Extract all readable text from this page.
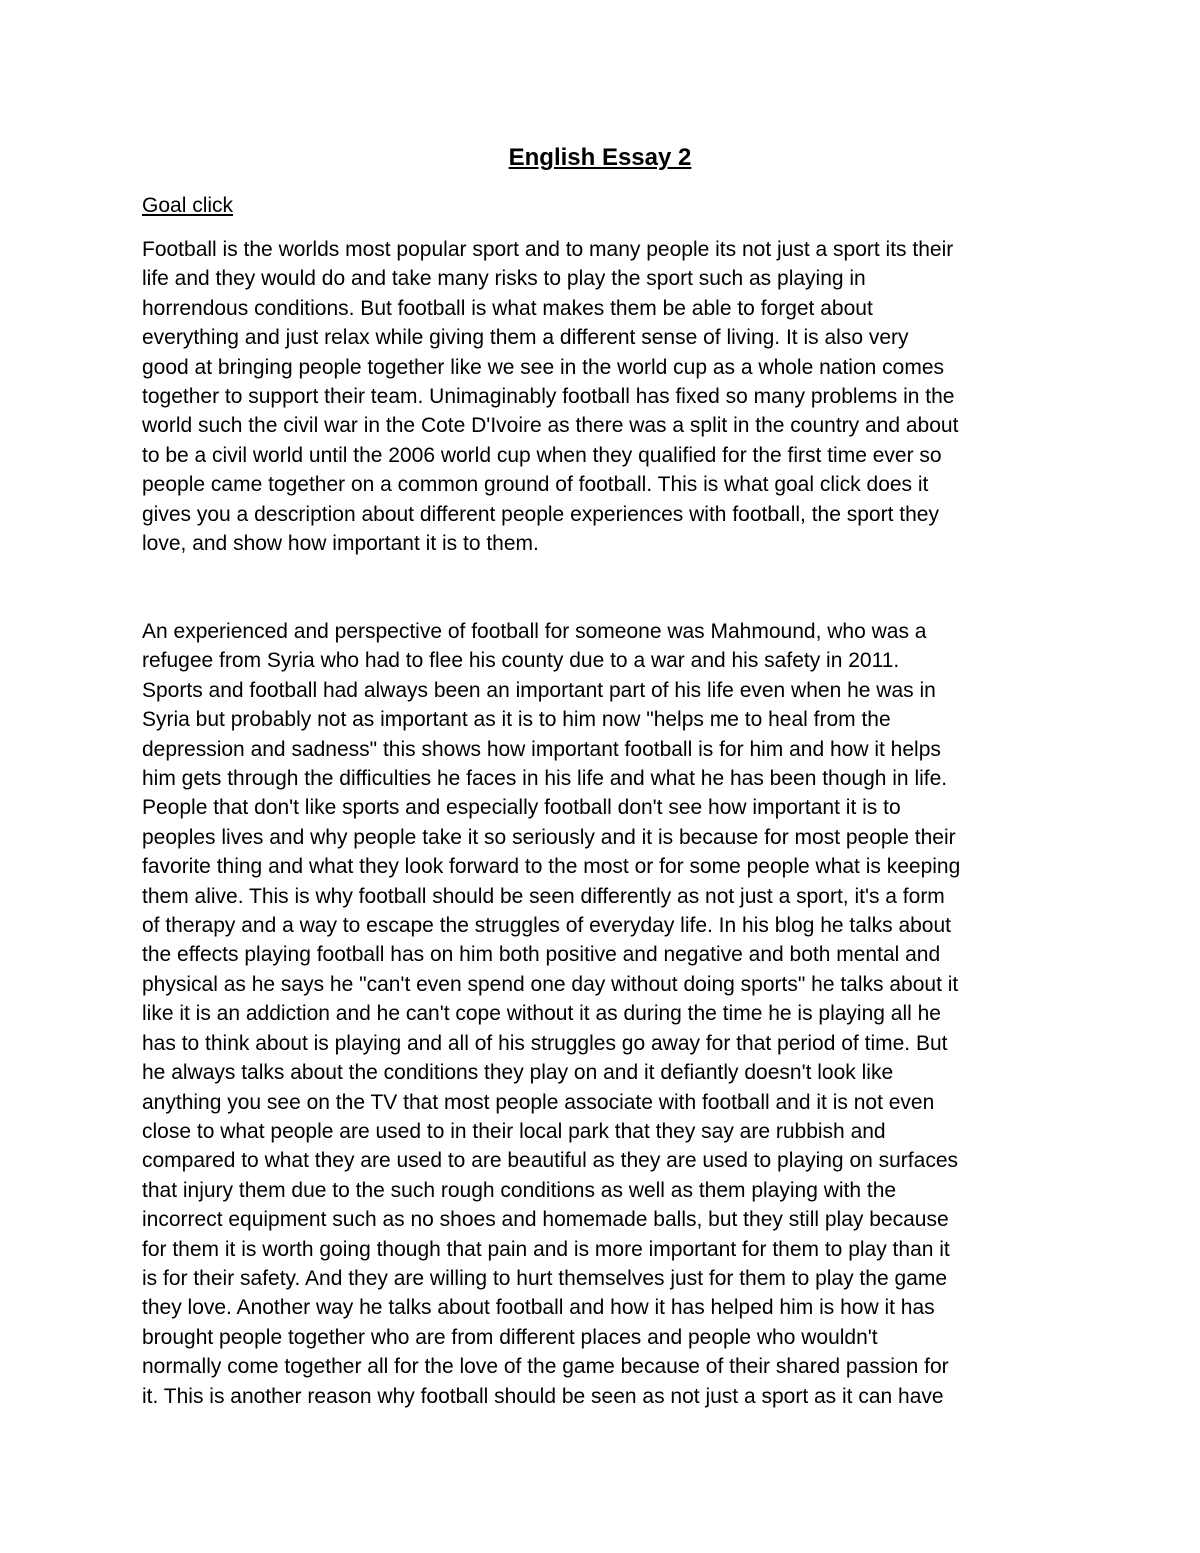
English Essay 2
Goal click
Football is the worlds most popular sport and to many people its not just a sport its their
life and they would do and take many risks to play the sport such as playing in
horrendous conditions. But football is what makes them be able to forget about
everything and just relax while giving them a different sense of living. It is also very
good at bringing people together like we see in the world cup as a whole nation comes
together to support their team. Unimaginably football has fixed so many problems in the
world such the civil war in the Cote D'Ivoire as there was a split in the country and about
to be a civil world until the 2006 world cup when they qualified for the first time ever so
people came together on a common ground of football. This is what goal click does it
gives you a description about different people experiences with football, the sport they
love, and show how important it is to them.
An experienced and perspective of football for someone was Mahmound, who was a
refugee from Syria who had to flee his county due to a war and his safety in 2011.
Sports and football had always been an important part of his life even when he was in
Syria but probably not as important as it is to him now "helps me to heal from the
depression and sadness" this shows how important football is for him and how it helps
him gets through the difficulties he faces in his life and what he has been though in life.
People that don't like sports and especially football don't see how important it is to
peoples lives and why people take it so seriously and it is because for most people their
favorite thing and what they look forward to the most or for some people what is keeping
them alive. This is why football should be seen differently as not just a sport, it's a form
of therapy and a way to escape the struggles of everyday life. In his blog he talks about
the effects playing football has on him both positive and negative and both mental and
physical as he says he "can't even spend one day without doing sports" he talks about it
like it is an addiction and he can't cope without it as during the time he is playing all he
has to think about is playing and all of his struggles go away for that period of time. But
he always talks about the conditions they play on and it defiantly doesn't look like
anything you see on the TV that most people associate with football and it is not even
close to what people are used to in their local park that they say are rubbish and
compared to what they are used to are beautiful as they are used to playing on surfaces
that injury them due to the such rough conditions as well as them playing with the
incorrect equipment such as no shoes and homemade balls, but they still play because
for them it is worth going though that pain and is more important for them to play than it
is for their safety. And they are willing to hurt themselves just for them to play the game
they love. Another way he talks about football and how it has helped him is how it has
brought people together who are from different places and people who wouldn't
normally come together all for the love of the game because of their shared passion for
it. This is another reason why football should be seen as not just a sport as it can have
